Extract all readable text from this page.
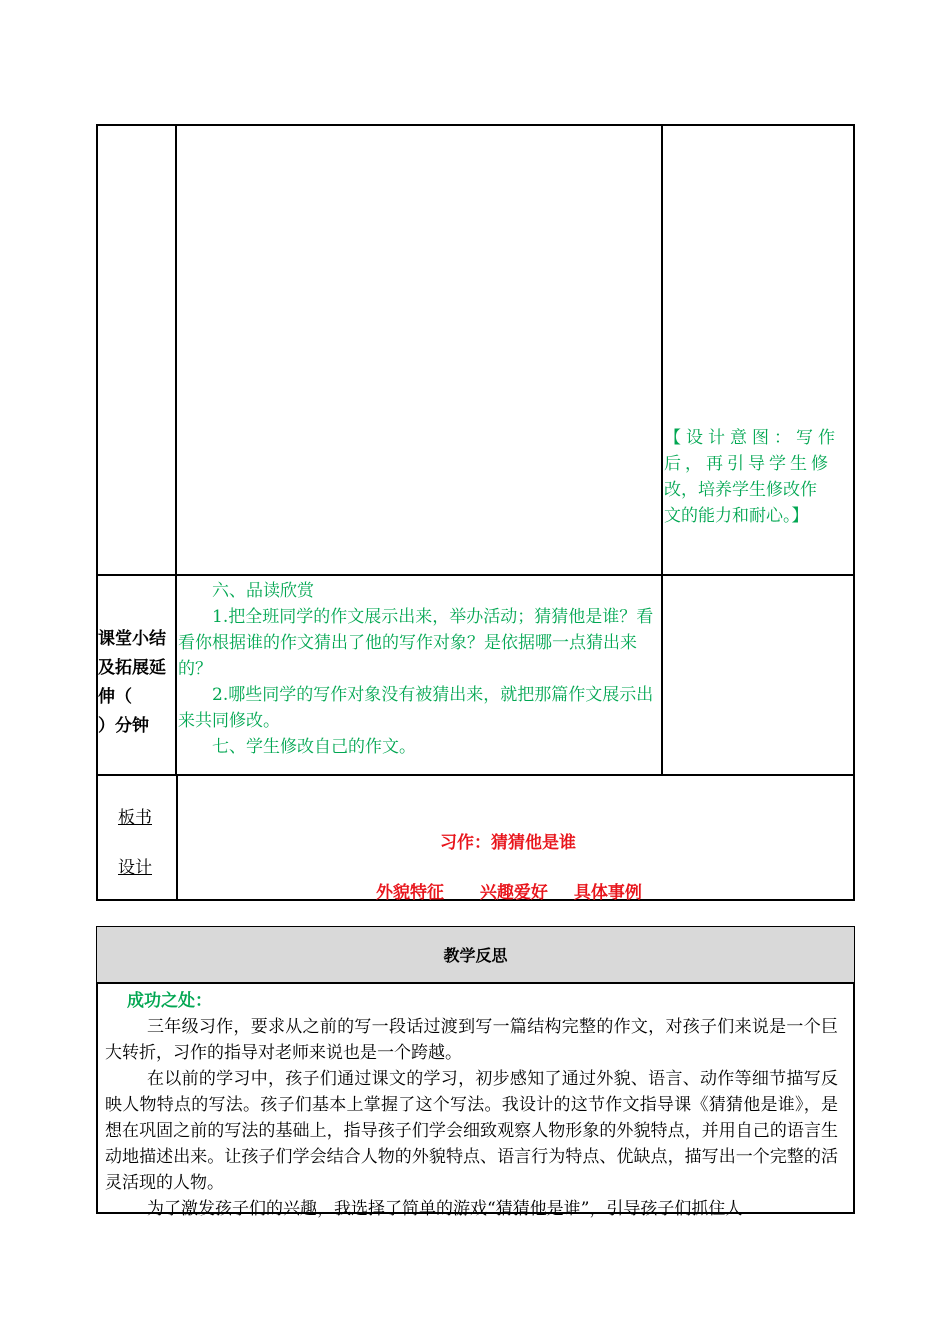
【设计意图：写作
后，再引导学生修
改，培养学生修改作
文的能力和耐心。】
课堂小结
及拓展延
伸（
）分钟

六、品读欣赏

1.把全班同学的作文展示出来，举办活动；猜猜他是谁？看看你根据谁的作文猜出了他的写作对象？是依据哪一点猜出来的？

2.哪些同学的写作对象没有被猜出来，就把那篇作文展示出来共同修改。

七、学生修改自己的作文。

板书
设计
习作：猜猜他是谁
外貌特征 兴趣爱好 具体事例
教学反思

成功之处：

三年级习作，要求从之前的写一段话过渡到写一篇结构完整的作文，对孩子们来说是一个巨大转折，习作的指导对老师来说也是一个跨越。

在以前的学习中，孩子们通过课文的学习，初步感知了通过外貌、语言、动作等细节描写反映人物特点的写法。孩子们基本上掌握了这个写法。我设计的这节作文指导课《猜猜他是谁》，是想在巩固之前的写法的基础上，指导孩子们学会细致观察人物形象的外貌特点，并用自己的语言生动地描述出来。让孩子们学会结合人物的外貌特点、语言行为特点、优缺点，描写出一个完整的活灵活现的人物。

为了激发孩子们的兴趣，我选择了简单的游戏“猜猜他是谁”，引导孩子们抓住人
